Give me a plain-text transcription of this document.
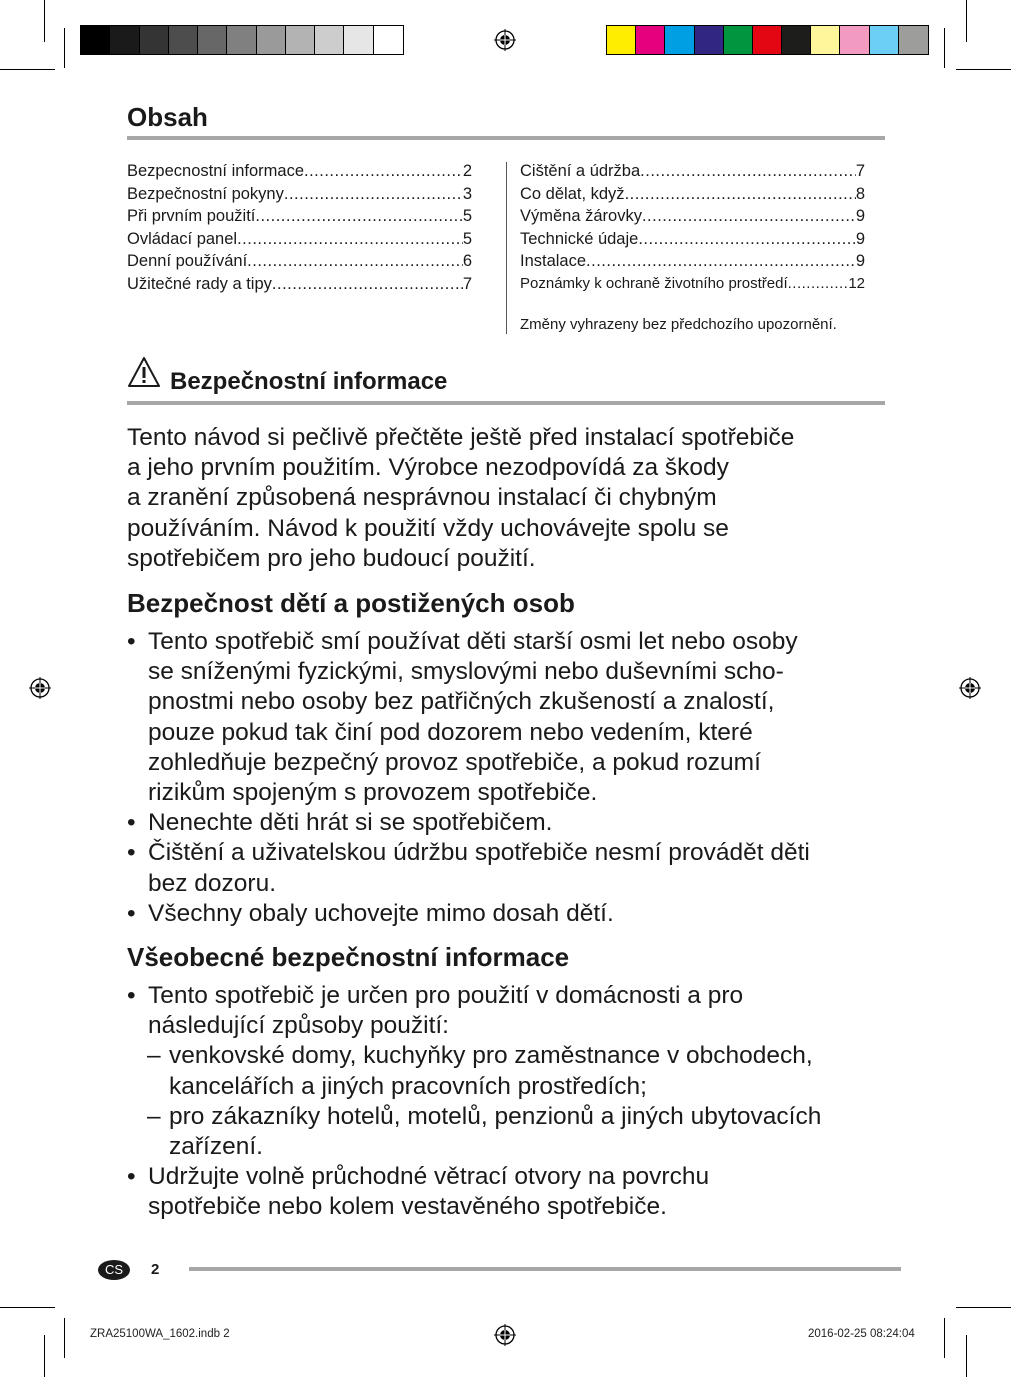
Obsah
Bezpecnostní informace .....	2
Bezpečnostní pokyny .....	3
Při prvním použití .....	5
Ovládací panel .....	5
Denní používání .....	6
Užitečné rady a tipy .....	7
Cištění a údržba .....	7
Co dělat, když .....	8
Výměna žárovky .....	9
Technické údaje .....	9
Instalace .....	9
Poznámky k ochraně životního prostředí .....	12
Změny vyhrazeny bez předchozího upozornění.
Bezpečnostní informace
Tento návod si pečlivě přečtěte ještě před instalací spotřebiče
a jeho prvním použitím. Výrobce nezodpovídá za škody
a zranění způsobená nesprávnou instalací či chybným
používáním. Návod k použití vždy uchovávejte spolu se
spotřebičem pro jeho budoucí použití.
Bezpečnost dětí a postižených osob
• Tento spotřebič smí používat děti starší osmi let nebo osoby
se sníženými fyzickými, smyslovými nebo duševními scho-
pnostmi nebo osoby bez patřičných zkušeností a znalostí,
pouze pokud tak činí pod dozorem nebo vedením, které
zohledňuje bezpečný provoz spotřebiče, a pokud rozumí
rizikům spojeným s provozem spotřebiče.
• Nenechte děti hrát si se spotřebičem.
• Čištění a uživatelskou údržbu spotřebiče nesmí provádět děti
bez dozoru.
• Všechny obaly uchovejte mimo dosah dětí.
Všeobecné bezpečnostní informace
• Tento spotřebič je určen pro použití v domácnosti a pro
následující způsoby použití:
– venkovské domy, kuchyňky pro zaměstnance v obchodech,
kancelářích a jiných pracovních prostředích;
– pro zákazníky hotelů, motelů, penzionů a jiných ubytovacích
zařízení.
• Udržujte volně průchodné větrací otvory na povrchu
spotřebiče nebo kolem vestavěného spotřebiče.
CS	2
ZRA25100WA_1602.indb 2	2016-02-25 08:24:04
